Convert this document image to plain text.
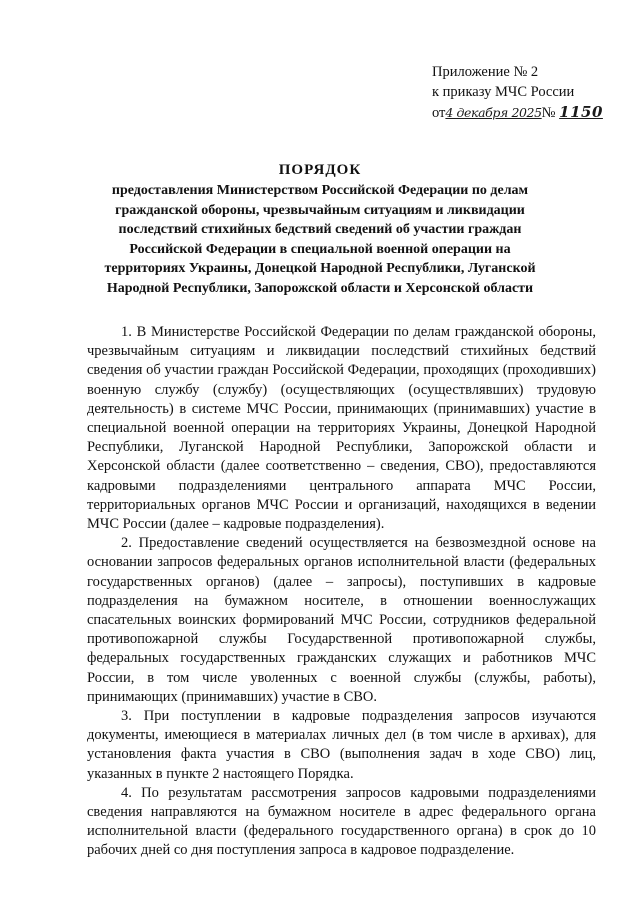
Приложение № 2
к приказу МЧС России
от4 декабря 2025№ 1150
ПОРЯДОК
предоставления Министерством Российской Федерации по делам гражданской обороны, чрезвычайным ситуациям и ликвидации последствий стихийных бедствий сведений об участии граждан Российской Федерации в специальной военной операции на территориях Украины, Донецкой Народной Республики, Луганской Народной Республики, Запорожской области и Херсонской области

1. В Министерстве Российской Федерации по делам гражданской обороны, чрезвычайным ситуациям и ликвидации последствий стихийных бедствий сведения об участии граждан Российской Федерации, проходящих (проходивших) военную службу (службу) (осуществляющих (осуществлявших) трудовую деятельность) в системе МЧС России, принимающих (принимавших) участие в специальной военной операции на территориях Украины, Донецкой Народной Республики, Луганской Народной Республики, Запорожской области и Херсонской области (далее соответственно – сведения, СВО), предоставляются кадровыми подразделениями центрального аппарата МЧС России, территориальных органов МЧС России и организаций, находящихся в ведении МЧС России (далее – кадровые подразделения).

2. Предоставление сведений осуществляется на безвозмездной основе на основании запросов федеральных органов исполнительной власти (федеральных государственных органов) (далее – запросы), поступивших в кадровые подразделения на бумажном носителе, в отношении военнослужащих спасательных воинских формирований МЧС России, сотрудников федеральной противопожарной службы Государственной противопожарной службы, федеральных государственных гражданских служащих и работников МЧС России, в том числе уволенных с военной службы (службы, работы), принимающих (принимавших) участие в СВО.

3. При поступлении в кадровые подразделения запросов изучаются документы, имеющиеся в материалах личных дел (в том числе в архивах), для установления факта участия в СВО (выполнения задач в ходе СВО) лиц, указанных в пункте 2 настоящего Порядка.

4. По результатам рассмотрения запросов кадровыми подразделениями сведения направляются на бумажном носителе в адрес федерального органа исполнительной власти (федерального государственного органа) в срок до 10 рабочих дней со дня поступления запроса в кадровое подразделение.
